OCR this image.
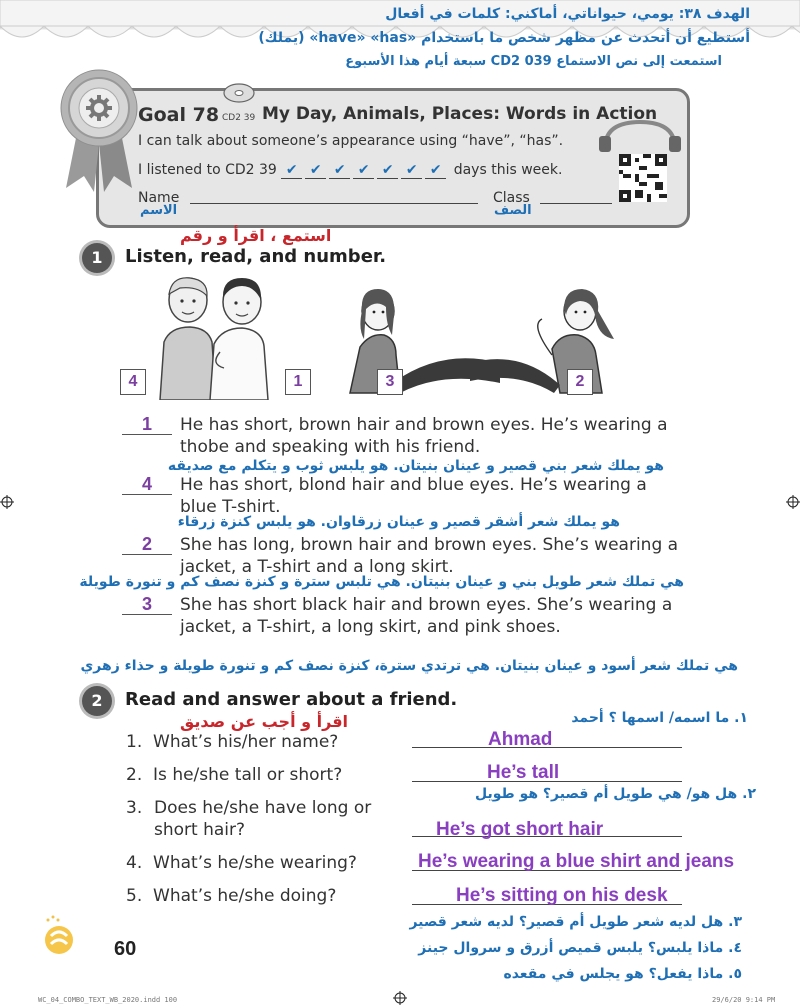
الهدف ٣٨: يومي، حيواناتي، أماكني: كلمات في أفعال
أستطيع أن أتحدث عن مظهر شخص ما باستخدام «have» «has» (يملك)
استمعت إلى نص الاستماع CD2 039 سبعة أيام هذا الأسبوع
Goal 78 CD2 39 My Day, Animals, Places: Words in Action
I can talk about someone’s appearance using “have”, “has”.
I listened to CD2 39 ✔ ✔ ✔ ✔ ✔ ✔ ✔ days this week.
Name
الاسم
Class
الصف
استمع ، اقرأ و رقم
1	Listen, read, and number.
4	1	3	2
1	He has short, brown hair and brown eyes. He’s wearing a thobe and speaking with his friend.
هو يملك شعر بني قصير و عينان بنيتان. هو يلبس ثوب و يتكلم مع صديقه
4	He has short, blond hair and blue eyes. He’s wearing a blue T-shirt.
هو يملك شعر أشقر قصير و عينان زرقاوان. هو يلبس كنزة زرقاء
2	She has long, brown hair and brown eyes. She’s wearing a jacket, a T-shirt and a long skirt.
هي تملك شعر طويل بني و عينان بنيتان. هي تلبس سترة و كنزة نصف كم و تنورة طويلة
3	She has short black hair and brown eyes. She’s wearing a jacket, a T-shirt, a long skirt, and pink shoes.
هي تملك شعر أسود و عينان بنيتان. هي ترتدي سترة، كنزة نصف كم و تنورة طويلة و حذاء زهري
2	Read and answer about a friend.
اقرأ و أجب عن صديق	١. ما اسمه/ اسمها ؟ أحمد
٢. هل هو/ هي طويل أم قصير؟ هو طويل
1. What’s his/her name?	Ahmad
2. Is he/she tall or short?	He’s tall
3. Does he/she have long or short hair?	He’s got short hair
4. What’s he/she wearing?	He’s wearing a blue shirt and jeans
5. What’s he/she doing?	He’s sitting on his desk
٣. هل لديه شعر طويل أم قصير؟ لديه شعر قصير
٤. ماذا يلبس؟ يلبس قميص أزرق و سروال جينز
٥. ماذا يفعل؟ هو يجلس في مقعده
60
WC_04_COMBO_TEXT_WB_2020.indd 100	29/6/20 9:14 PM
